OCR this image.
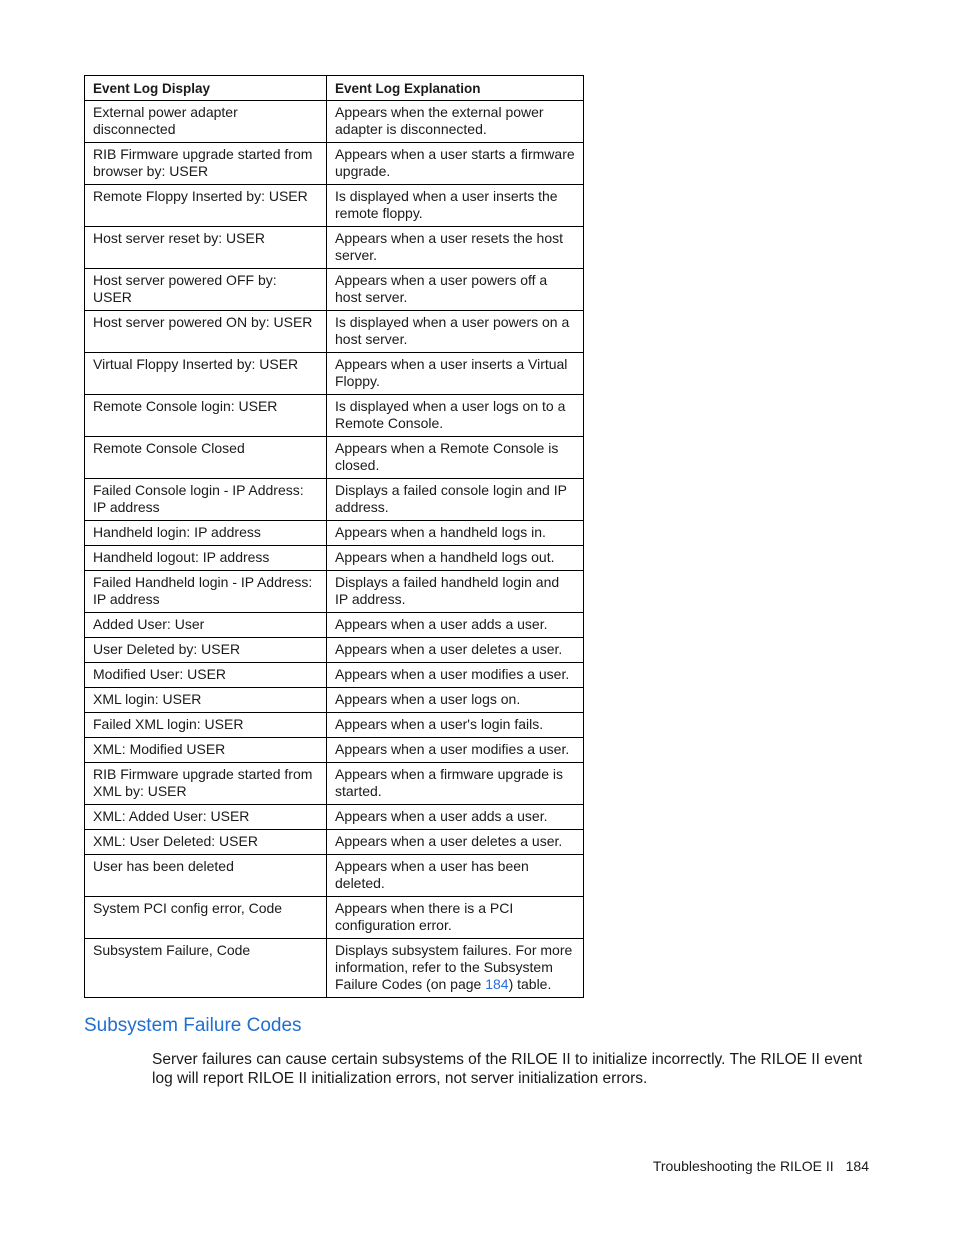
Event Log Display	Event Log Explanation
External power adapter disconnected	Appears when the external power adapter is disconnected.
RIB Firmware upgrade started from browser by: USER	Appears when a user starts a firmware upgrade.
Remote Floppy Inserted by: USER	Is displayed when a user inserts the remote floppy.
Host server reset by: USER	Appears when a user resets the host server.
Host server powered OFF by: USER	Appears when a user powers off a host server.
Host server powered ON by: USER	Is displayed when a user powers on a host server.
Virtual Floppy Inserted by: USER	Appears when a user inserts a Virtual Floppy.
Remote Console login: USER	Is displayed when a user logs on to a Remote Console.
Remote Console Closed	Appears when a Remote Console is closed.
Failed Console login - IP Address: IP address	Displays a failed console login and IP address.
Handheld login: IP address	Appears when a handheld logs in.
Handheld logout: IP address	Appears when a handheld logs out.
Failed Handheld login - IP Address: IP address	Displays a failed handheld login and IP address.
Added User: User	Appears when a user adds a user.
User Deleted by: USER	Appears when a user deletes a user.
Modified User: USER	Appears when a user modifies a user.
XML login: USER	Appears when a user logs on.
Failed XML login: USER	Appears when a user's login fails.
XML: Modified USER	Appears when a user modifies a user.
RIB Firmware upgrade started from XML by: USER	Appears when a firmware upgrade is started.
XML: Added User: USER	Appears when a user adds a user.
XML: User Deleted: USER	Appears when a user deletes a user.
User has been deleted	Appears when a user has been deleted.
System PCI config error, Code	Appears when there is a PCI configuration error.
Subsystem Failure, Code	Displays subsystem failures. For more information, refer to the Subsystem Failure Codes (on page 184) table.
Subsystem Failure Codes

Server failures can cause certain subsystems of the RILOE II to initialize incorrectly. The RILOE II event log will report RILOE II initialization errors, not server initialization errors.

Troubleshooting the RILOE II 184
